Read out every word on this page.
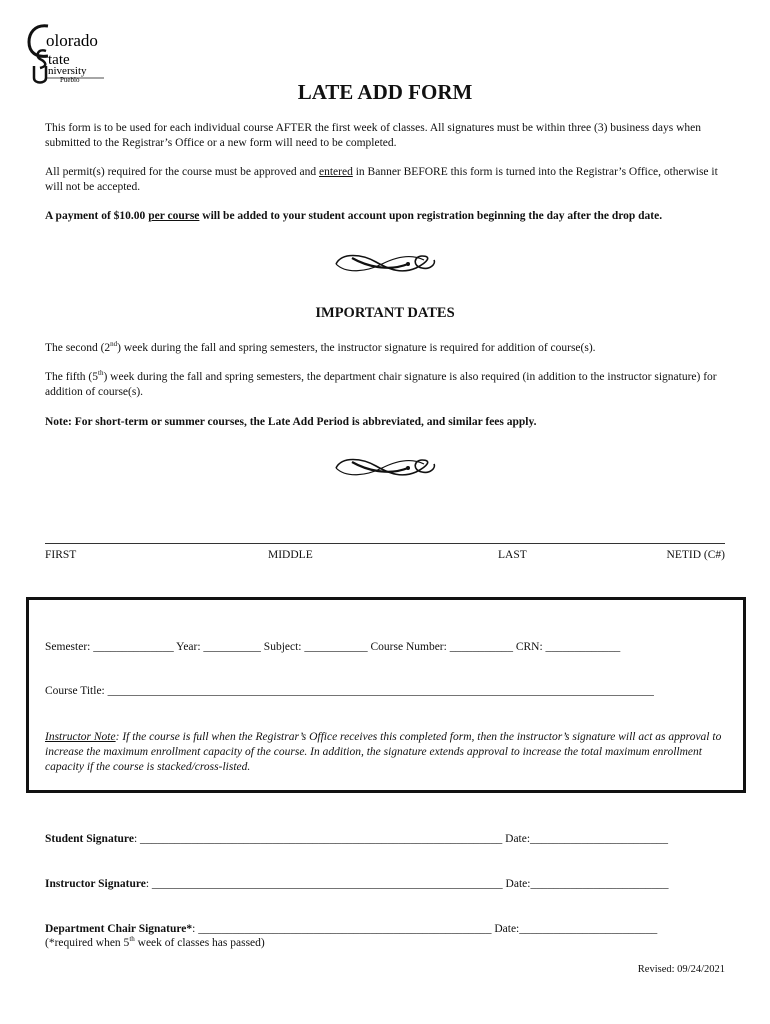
olorado
tate
niversity
Pueblo	LATE ADD FORM
This form is to be used for each individual course AFTER the first week of classes. All signatures must be within three (3) business days when submitted to the Registrar’s Office or a new form will need to be completed.
All permit(s) required for the course must be approved and entered in Banner BEFORE this form is turned into the Registrar’s Office, otherwise it will not be accepted.
A payment of $10.00 per course will be added to your student account upon registration beginning the day after the drop date.
IMPORTANT DATES
The second (2nd) week during the fall and spring semesters, the instructor signature is required for addition of course(s).
The fifth (5th) week during the fall and spring semesters, the department chair signature is also required (in addition to the instructor signature) for addition of course(s).
Note: For short-term or summer courses, the Late Add Period is abbreviated, and similar fees apply.
FIRST	MIDDLE	LAST	NETID (C#)
Semester: ______________ Year: __________ Subject: ___________ Course Number: ___________ CRN: _____________
Course Title: _______________________________________________________________________________________________
Instructor Note: If the course is full when the Registrar’s Office receives this completed form, then the instructor’s signature will act as approval to increase the maximum enrollment capacity of the course. In addition, the signature extends approval to increase the total maximum enrollment capacity if the course is stacked/cross-listed.
Student Signature: _______________________________________________________________ Date:________________________
Instructor Signature: _____________________________________________________________ Date:________________________
Department Chair Signature*: ___________________________________________________ Date:________________________
(*required when 5th week of classes has passed)
Revised: 09/24/2021
